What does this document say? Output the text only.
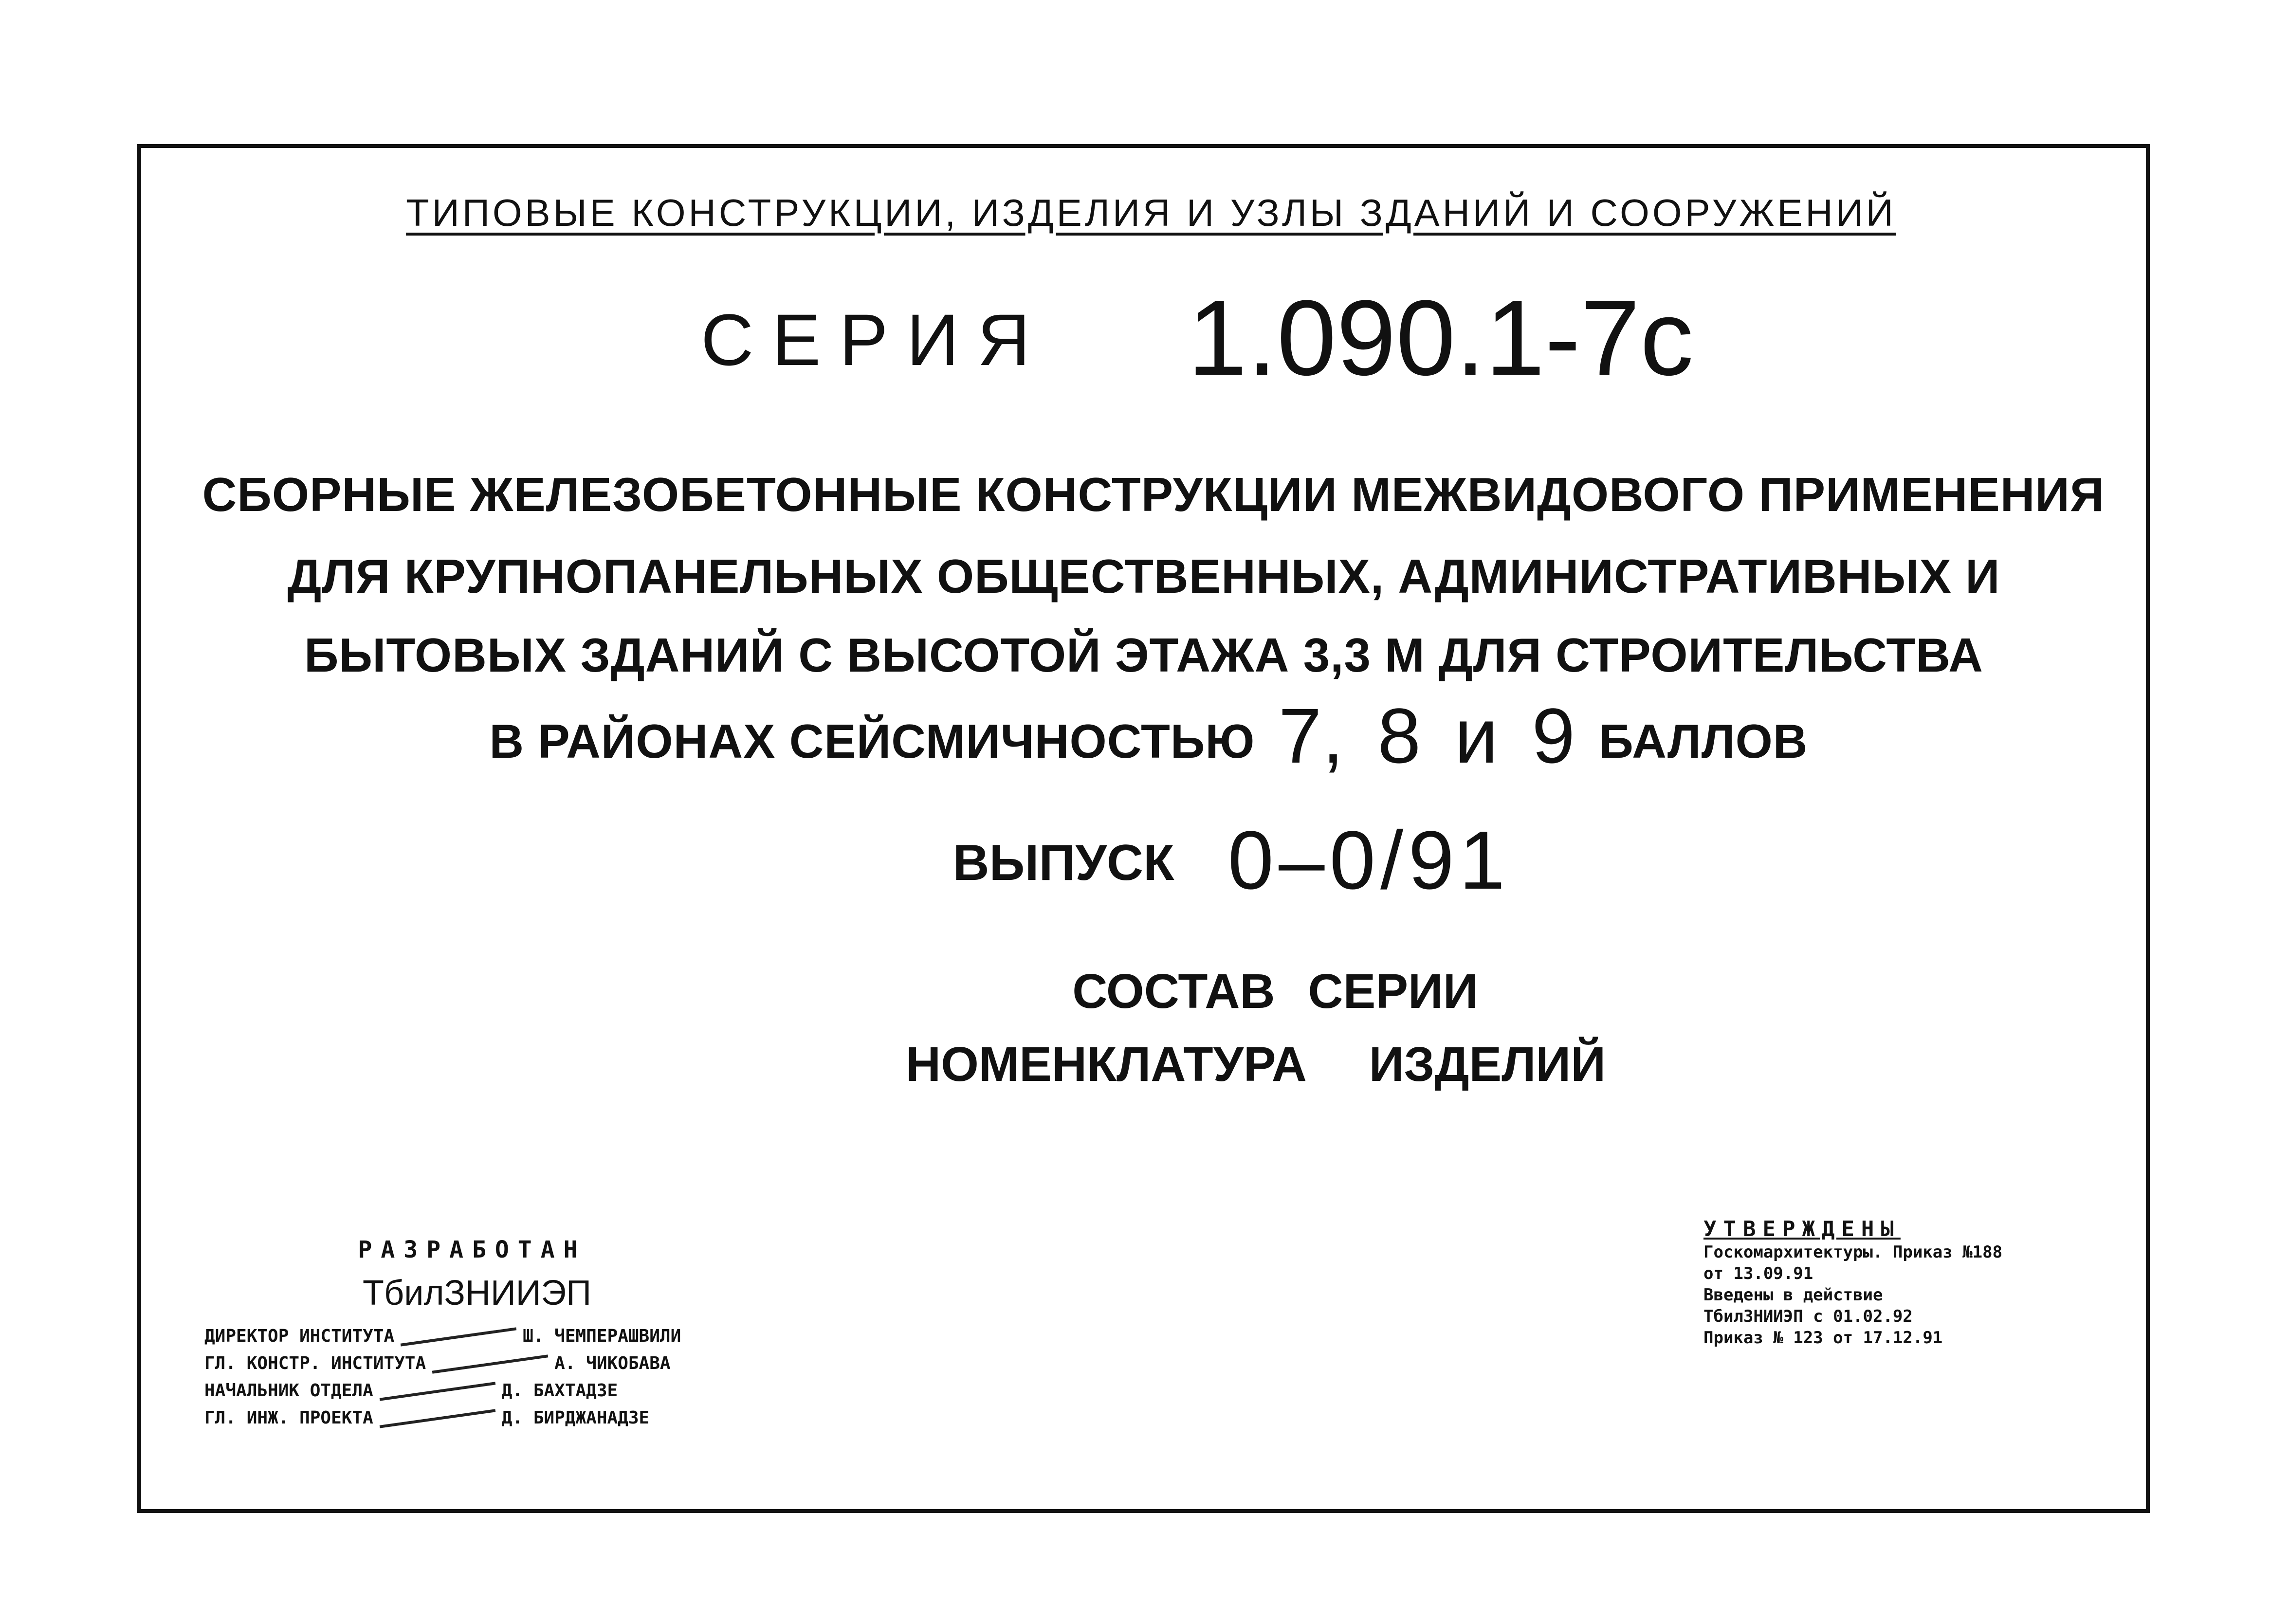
ТИПОВЫЕ КОНСТРУКЦИИ, ИЗДЕЛИЯ И УЗЛЫ ЗДАНИЙ И СООРУЖЕНИЙ
СЕРИЯ 1.090.1-7с
СБОРНЫЕ ЖЕЛЕЗОБЕТОННЫЕ КОНСТРУКЦИИ МЕЖВИДОВОГО ПРИМЕНЕНИЯ
ДЛЯ КРУПНОПАНЕЛЬНЫХ ОБЩЕСТВЕННЫХ, АДМИНИСТРАТИВНЫХ И
БЫТОВЫХ ЗДАНИЙ С ВЫСОТОЙ ЭТАЖА 3,3 М ДЛЯ СТРОИТЕЛЬСТВА
В РАЙОНАХ СЕЙСМИЧНОСТЬЮ 7, 8 и 9 БАЛЛОВ
ВЫПУСК 0–0/91
СОСТАВ СЕРИИ
НОМЕНКЛАТУРА ИЗДЕЛИЙ
РАЗРАБОТАН
ТбилЗНИИЭП
ДИРЕКТОР ИНСТИТУТА	Ш. ЧЕМПЕРАШВИЛИ
ГЛ. КОНСТР. ИНСТИТУТА	А. ЧИКОБАВА
НАЧАЛЬНИК ОТДЕЛА	Д. БАХТАДЗЕ
ГЛ. ИНЖ. ПРОЕКТА	Д. БИРДЖАНАДЗЕ
УТВЕРЖДЕНЫ
Госкомархитектуры. Приказ №188
от 13.09.91
Введены в действие
ТбилЗНИИЭП с 01.02.92
Приказ № 123 от 17.12.91
